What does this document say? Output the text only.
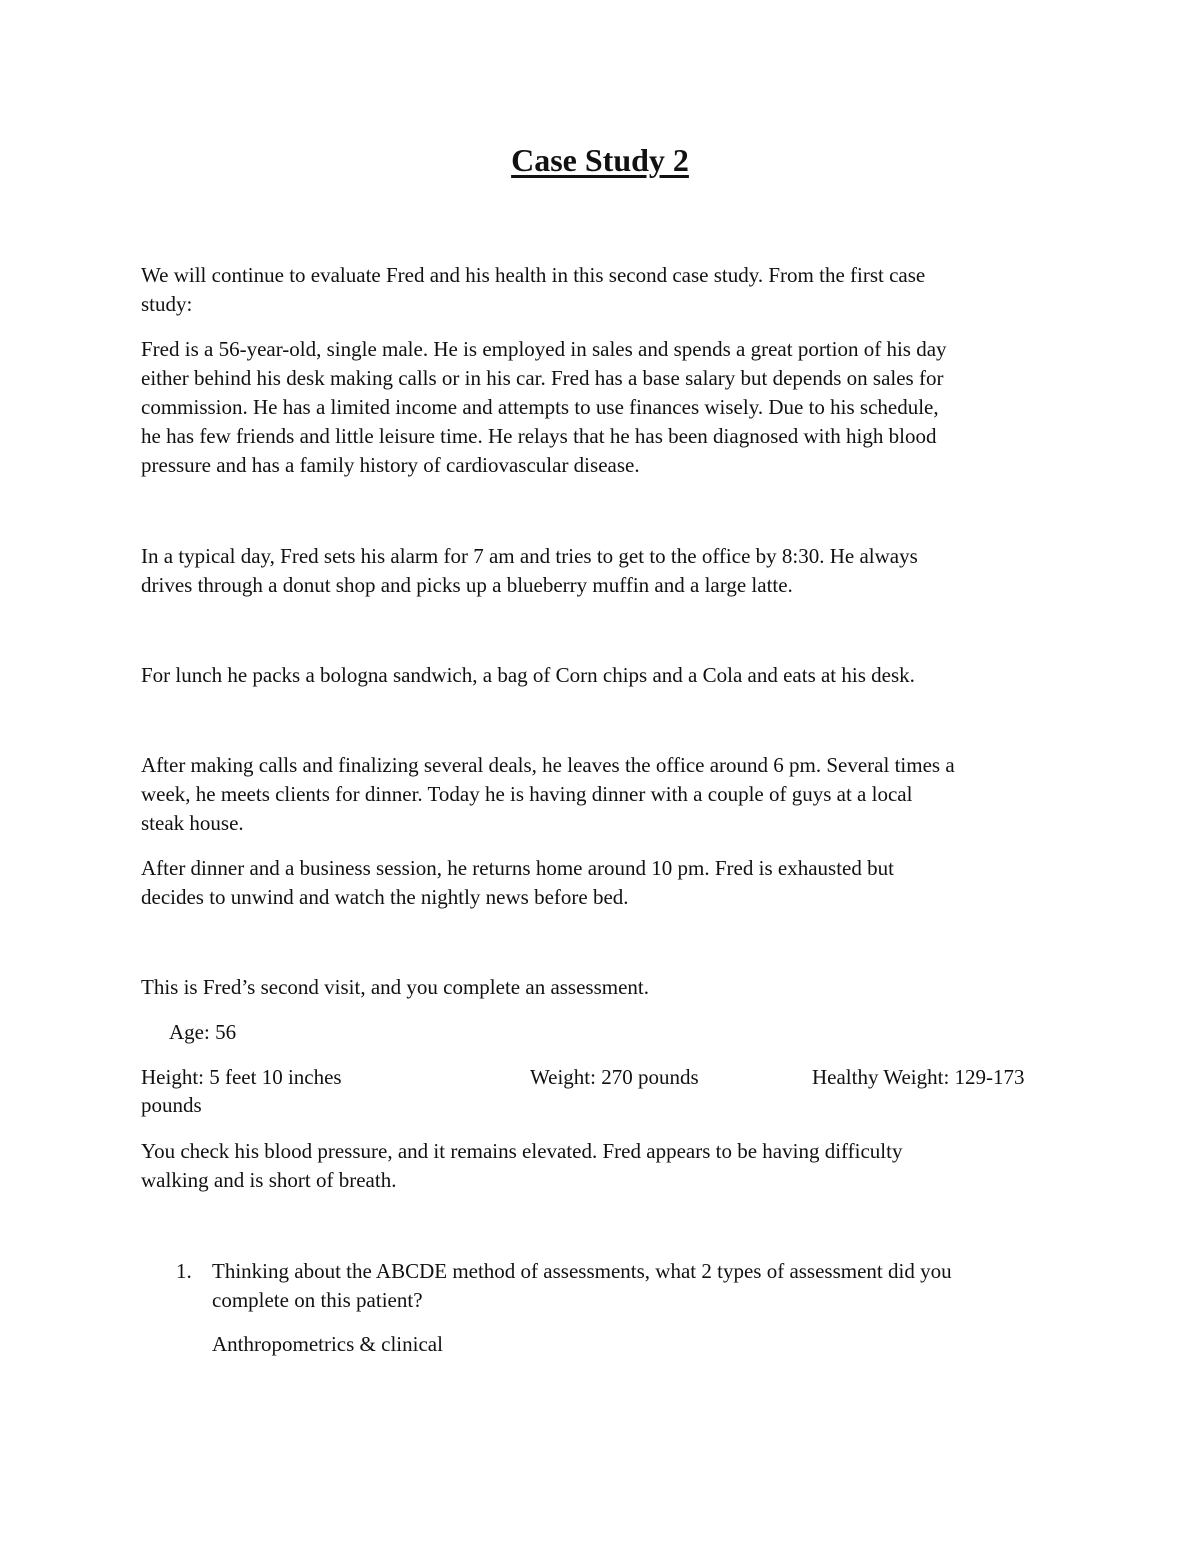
Case Study 2
We will continue to evaluate Fred and his health in this second case study. From the first case
study:
Fred is a 56-year-old, single male. He is employed in sales and spends a great portion of his day
either behind his desk making calls or in his car. Fred has a base salary but depends on sales for
commission. He has a limited income and attempts to use finances wisely. Due to his schedule,
he has few friends and little leisure time. He relays that he has been diagnosed with high blood
pressure and has a family history of cardiovascular disease.
In a typical day, Fred sets his alarm for 7 am and tries to get to the office by 8:30. He always
drives through a donut shop and picks up a blueberry muffin and a large latte.
For lunch he packs a bologna sandwich, a bag of Corn chips and a Cola and eats at his desk.
After making calls and finalizing several deals, he leaves the office around 6 pm. Several times a
week, he meets clients for dinner. Today he is having dinner with a couple of guys at a local
steak house.
After dinner and a business session, he returns home around 10 pm. Fred is exhausted but
decides to unwind and watch the nightly news before bed.
This is Fred’s second visit, and you complete an assessment.
Age: 56
Height: 5 feet 10 inches	Weight: 270 pounds	Healthy Weight: 129-173
pounds
You check his blood pressure, and it remains elevated. Fred appears to be having difficulty
walking and is short of breath.
1. Thinking about the ABCDE method of assessments, what 2 types of assessment did you
complete on this patient?
Anthropometrics & clinical
